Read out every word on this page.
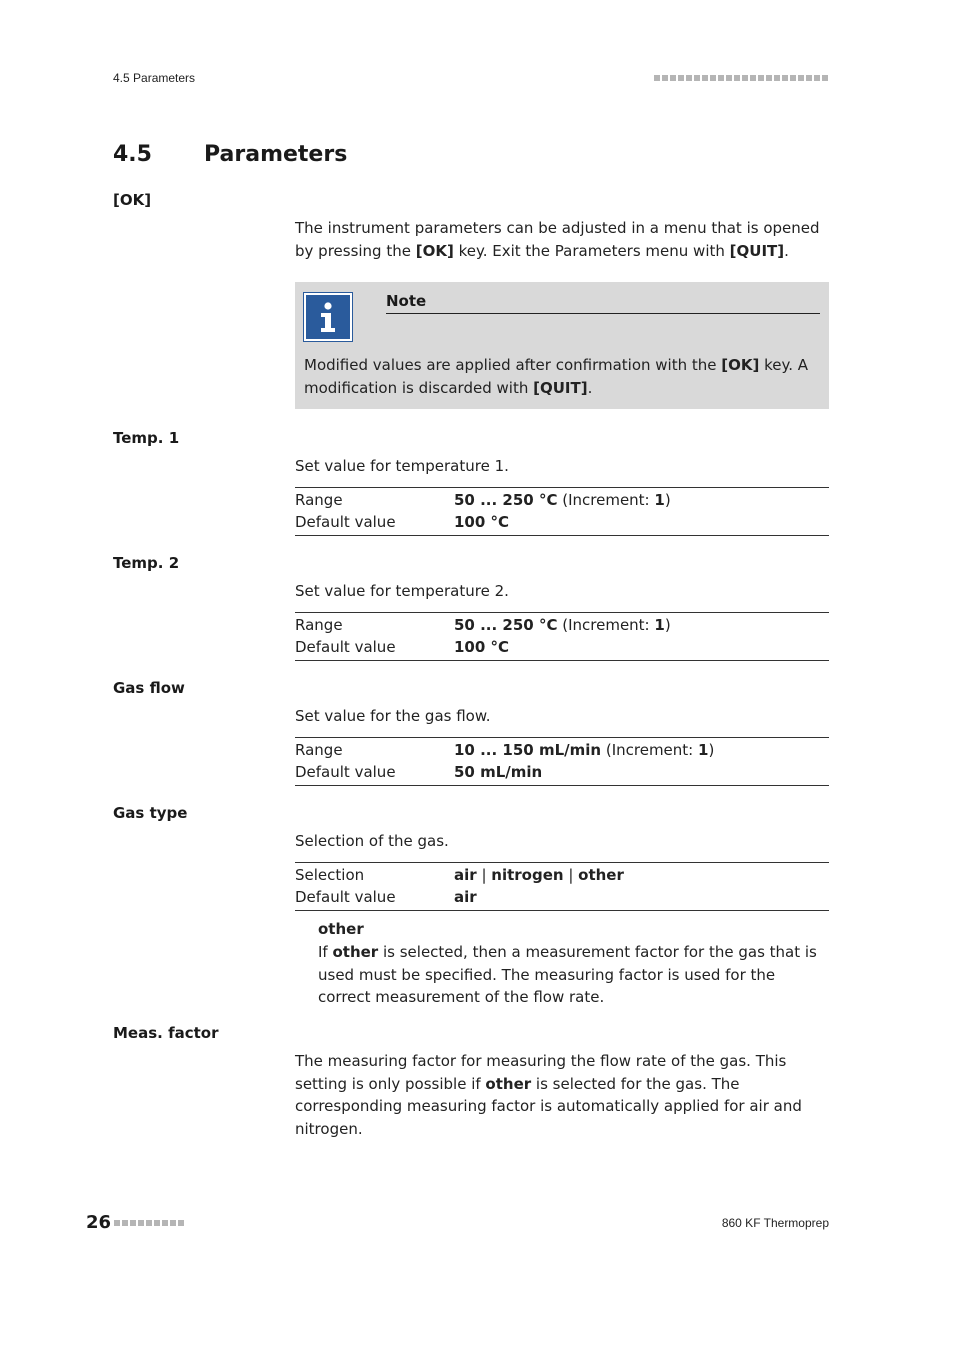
4.5 Parameters
4.5 Parameters
[OK]
The instrument parameters can be adjusted in a menu that is opened by pressing the [OK] key. Exit the Parameters menu with [QUIT].
Note
Modified values are applied after confirmation with the [OK] key. A modification is discarded with [QUIT].
Temp. 1
Set value for temperature 1.
Range	50 ... 250 °C (Increment: 1)
Default value	100 °C
Temp. 2
Set value for temperature 2.
Range	50 ... 250 °C (Increment: 1)
Default value	100 °C
Gas flow
Set value for the gas flow.
Range	10 ... 150 mL/min (Increment: 1)
Default value	50 mL/min
Gas type
Selection of the gas.
Selection	air | nitrogen | other
Default value	air
other
If other is selected, then a measurement factor for the gas that is used must be specified. The measuring factor is used for the correct measurement of the flow rate.
Meas. factor
The measuring factor for measuring the flow rate of the gas. This setting is only possible if other is selected for the gas. The corresponding measuring factor is automatically applied for air and nitrogen.
26	860 KF Thermoprep
